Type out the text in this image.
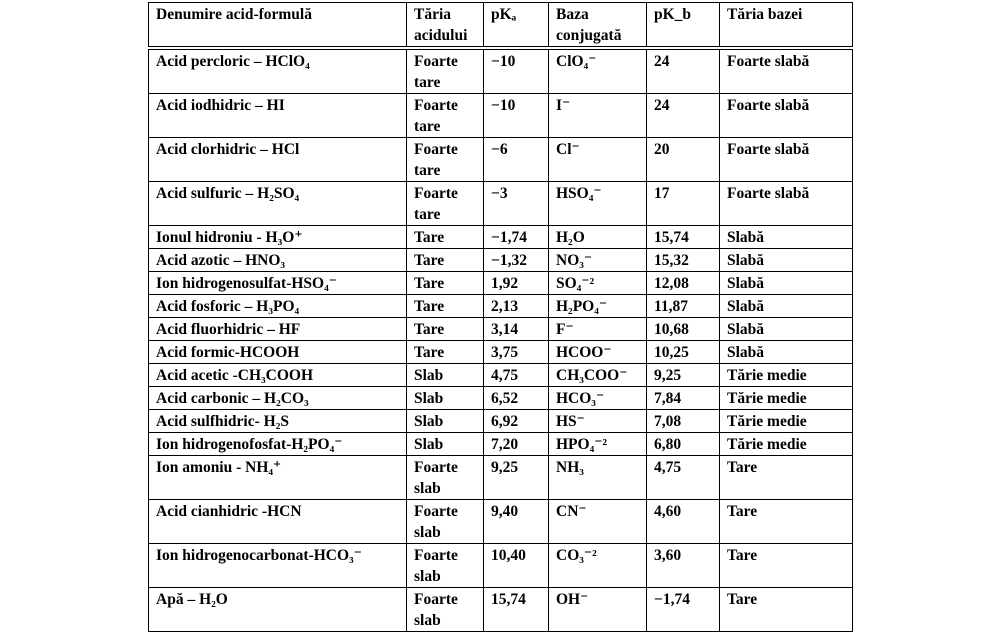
Denumire acid-formulă	Tăria acidului	pKₐ	Baza conjugată	pK_b	Tăria bazei
Acid percloric – HClO₄	Foarte tare	−10	ClO₄⁻	24	Foarte slabă
Acid iodhidric – HI	Foarte tare	−10	I⁻	24	Foarte slabă
Acid clorhidric – HCl	Foarte tare	−6	Cl⁻	20	Foarte slabă
Acid sulfuric – H₂SO₄	Foarte tare	−3	HSO₄⁻	17	Foarte slabă
Ionul hidroniu - H₃O⁺	Tare	−1,74	H₂O	15,74	Slabă
Acid azotic – HNO₃	Tare	−1,32	NO₃⁻	15,32	Slabă
Ion hidrogenosulfat-HSO₄⁻	Tare	1,92	SO₄⁻²	12,08	Slabă
Acid fosforic – H₃PO₄	Tare	2,13	H₂PO₄⁻	11,87	Slabă
Acid fluorhidric – HF	Tare	3,14	F⁻	10,68	Slabă
Acid formic-HCOOH	Tare	3,75	HCOO⁻	10,25	Slabă
Acid acetic -CH₃COOH	Slab	4,75	CH₃COO⁻	9,25	Tărie medie
Acid carbonic – H₂CO₃	Slab	6,52	HCO₃⁻	7,84	Tărie medie
Acid sulfhidric- H₂S	Slab	6,92	HS⁻	7,08	Tărie medie
Ion hidrogenofosfat-H₂PO₄⁻	Slab	7,20	HPO₄⁻²	6,80	Tărie medie
Ion amoniu - NH₄⁺	Foarte slab	9,25	NH₃	4,75	Tare
Acid cianhidric -HCN	Foarte slab	9,40	CN⁻	4,60	Tare
Ion hidrogenocarbonat-HCO₃⁻	Foarte slab	10,40	CO₃⁻²	3,60	Tare
Apă – H₂O	Foarte slab	15,74	OH⁻	−1,74	Tare
